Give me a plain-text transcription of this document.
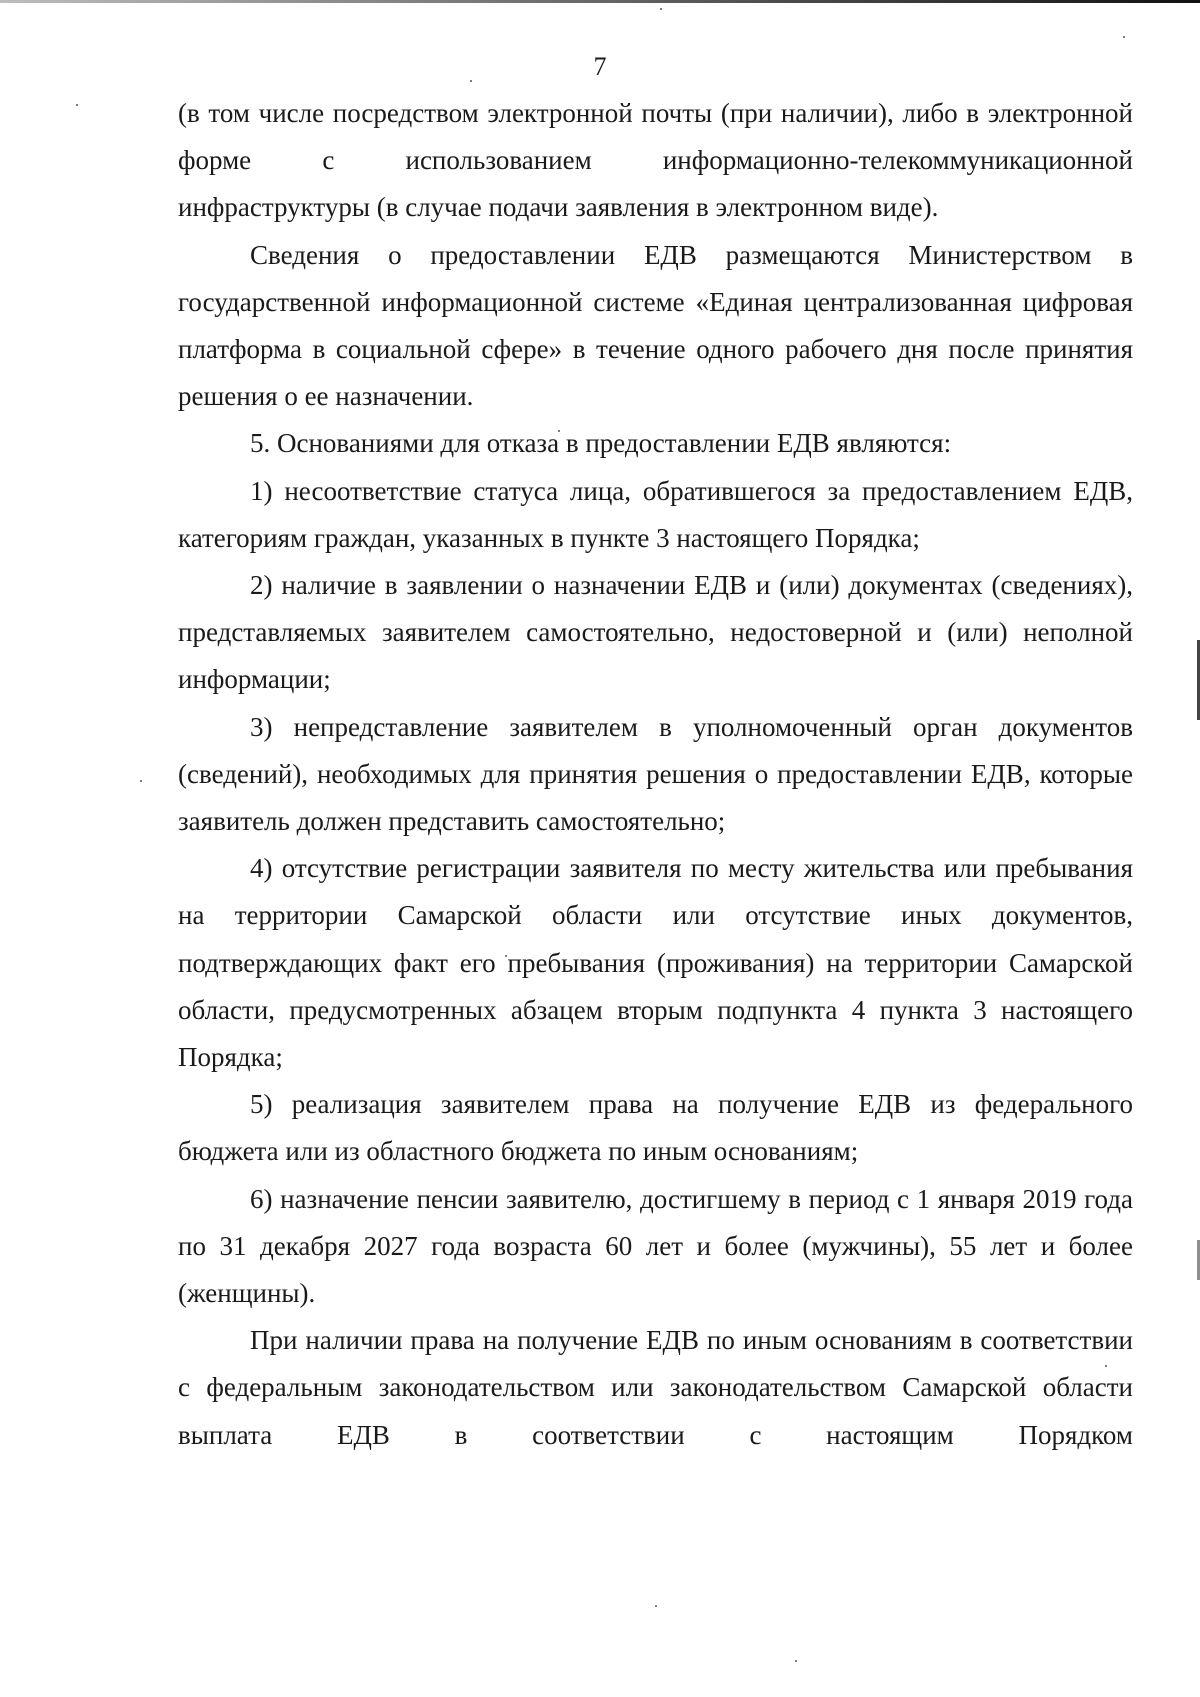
7

(в том числе посредством электронной почты (при наличии), либо в электронной форме с использованием информационно-телекоммуникационной инфраструктуры (в случае подачи заявления в электронном виде).

Сведения о предоставлении ЕДВ размещаются Министерством в государственной информационной системе «Единая централизованная цифровая платформа в социальной сфере» в течение одного рабочего дня после принятия решения о ее назначении.

5. Основаниями для отказа в предоставлении ЕДВ являются:

1) несоответствие статуса лица, обратившегося за предоставлением ЕДВ, категориям граждан, указанных в пункте 3 настоящего Порядка;

2) наличие в заявлении о назначении ЕДВ и (или) документах (сведениях), представляемых заявителем самостоятельно, недостоверной и (или) неполной информации;

3) непредставление заявителем в уполномоченный орган документов (сведений), необходимых для принятия решения о предоставлении ЕДВ, которые заявитель должен представить самостоятельно;

4) отсутствие регистрации заявителя по месту жительства или пребывания на территории Самарской области или отсутствие иных документов, подтверждающих факт его пребывания (проживания) на территории Самарской области, предусмотренных абзацем вторым подпункта 4 пункта 3 настоящего Порядка;

5) реализация заявителем права на получение ЕДВ из федерального бюджета или из областного бюджета по иным основаниям;

6) назначение пенсии заявителю, достигшему в период с 1 января 2019 года по 31 декабря 2027 года возраста 60 лет и более (мужчины), 55 лет и более (женщины).

При наличии права на получение ЕДВ по иным основаниям в соответствии с федеральным законодательством или законодательством Самарской области выплата ЕДВ в соответствии с настоящим Порядком
